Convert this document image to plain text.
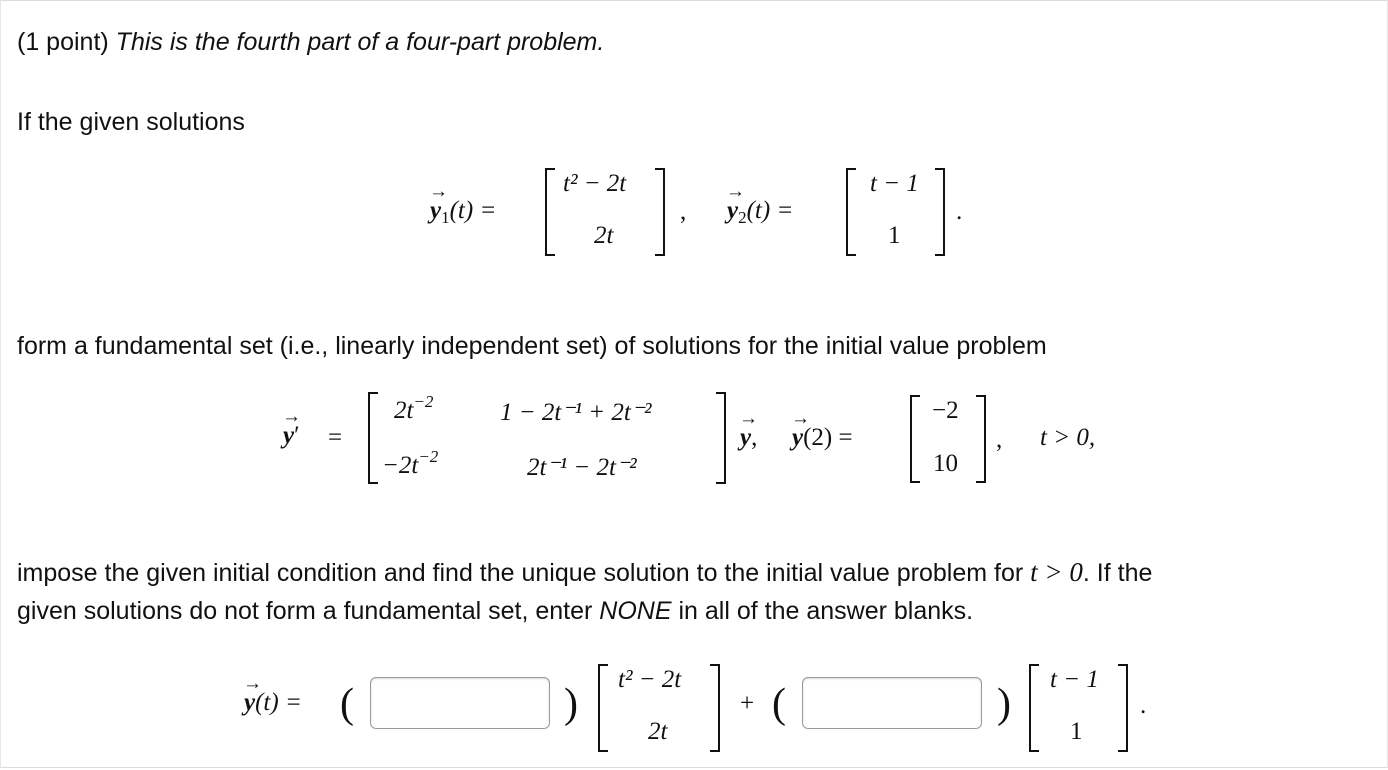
(1 point) This is the fourth part of a four-part problem.
If the given solutions
→ $y_1(t)$ =
t² − 2t
2t
, → $y_2(t)$ =
t − 1
1
.
form a fundamental set (i.e., linearly independent set) of solutions for the initial value problem
→ y′ =
$2t^{-2}$	1 − 2t⁻¹ + 2t⁻²
$-2t^{-2}$	2t⁻¹ − 2t⁻²
→ y, → y(2) =
−2
10
, t > 0,
impose the given initial condition and find the unique solution to the initial value problem for t > 0. If the
given solutions do not form a fundamental set, enter NONE in all of the answer blanks.
→ y(t) = (	)
t² − 2t
2t
+ (	)
t − 1
1
.
